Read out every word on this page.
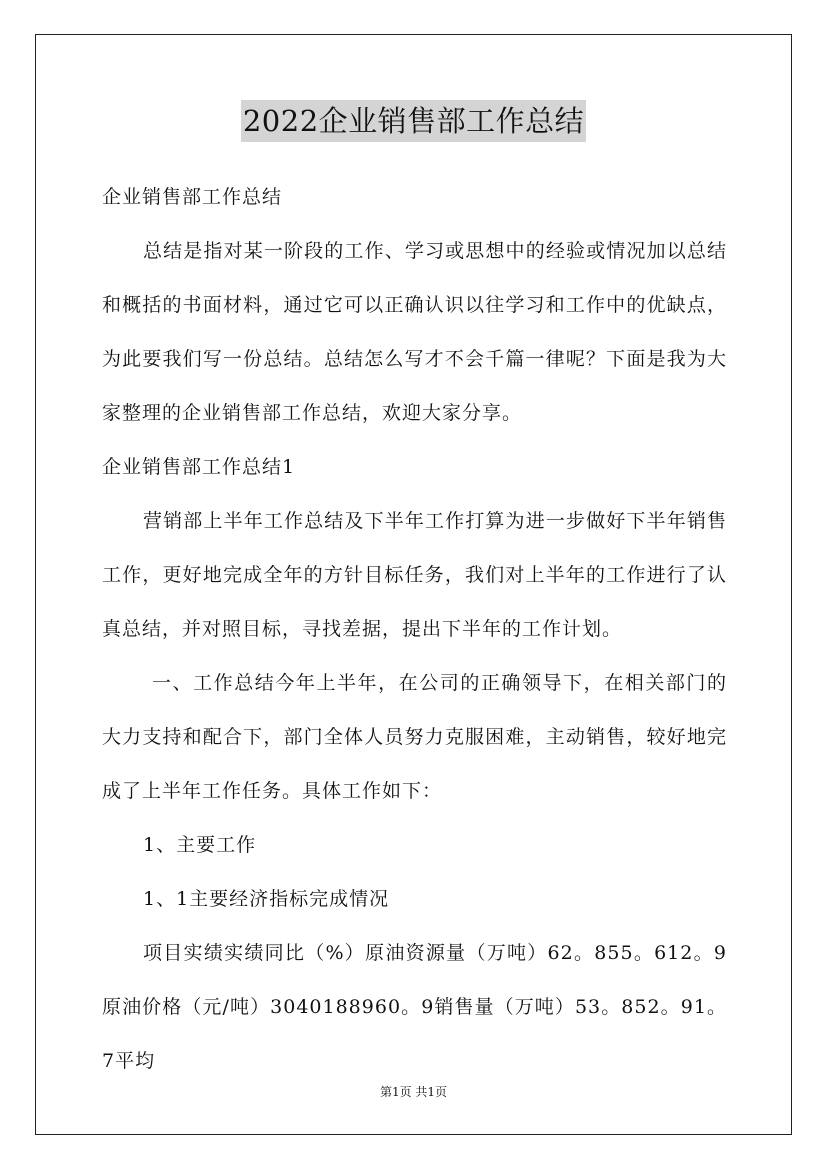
2022企业销售部工作总结

企业销售部工作总结

总结是指对某一阶段的工作、学习或思想中的经验或情况加以总结和概括的书面材料，通过它可以正确认识以往学习和工作中的优缺点，为此要我们写一份总结。总结怎么写才不会千篇一律呢？下面是我为大家整理的企业销售部工作总结，欢迎大家分享。

企业销售部工作总结1

营销部上半年工作总结及下半年工作打算为进一步做好下半年销售工作，更好地完成全年的方针目标任务，我们对上半年的工作进行了认真总结，并对照目标，寻找差据，提出下半年的工作计划。

一、工作总结今年上半年，在公司的正确领导下，在相关部门的大力支持和配合下，部门全体人员努力克服困难，主动销售，较好地完成了上半年工作任务。具体工作如下：

1、主要工作

1、1主要经济指标完成情况

项目实绩实绩同比（%）原油资源量（万吨）62。855。612。9原油价格（元/吨）3040188960。9销售量（万吨）53。852。91。7平均

第1页 共1页
